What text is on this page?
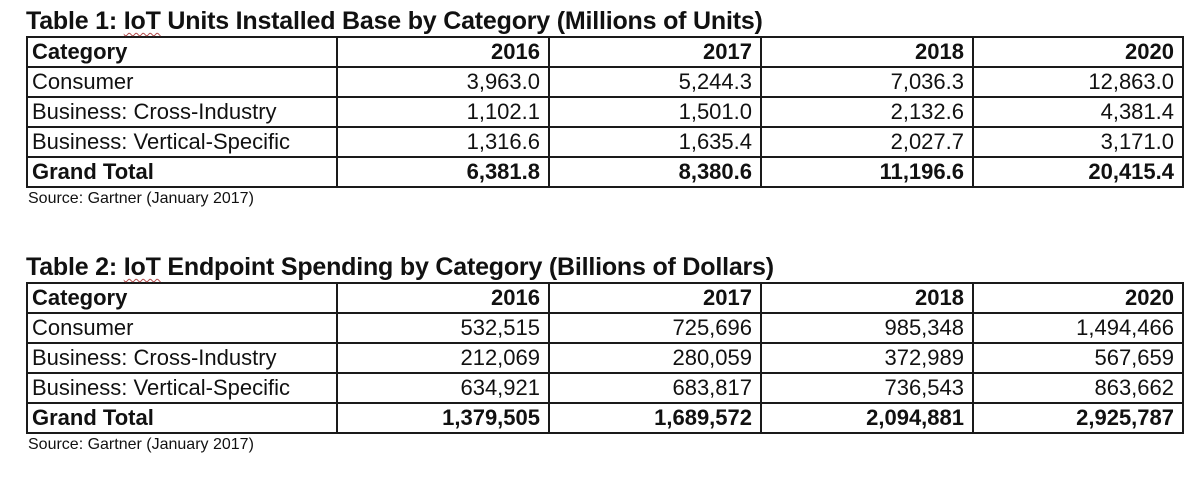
Table 1: IoT Units Installed Base by Category (Millions of Units)
Category	2016	2017	2018	2020
Consumer	3,963.0	5,244.3	7,036.3	12,863.0
Business: Cross-Industry	1,102.1	1,501.0	2,132.6	4,381.4
Business: Vertical-Specific	1,316.6	1,635.4	2,027.7	3,171.0
Grand Total	6,381.8	8,380.6	11,196.6	20,415.4
Source: Gartner (January 2017)
Table 2: IoT Endpoint Spending by Category (Billions of Dollars)
Category	2016	2017	2018	2020
Consumer	532,515	725,696	985,348	1,494,466
Business: Cross-Industry	212,069	280,059	372,989	567,659
Business: Vertical-Specific	634,921	683,817	736,543	863,662
Grand Total	1,379,505	1,689,572	2,094,881	2,925,787
Source: Gartner (January 2017)
